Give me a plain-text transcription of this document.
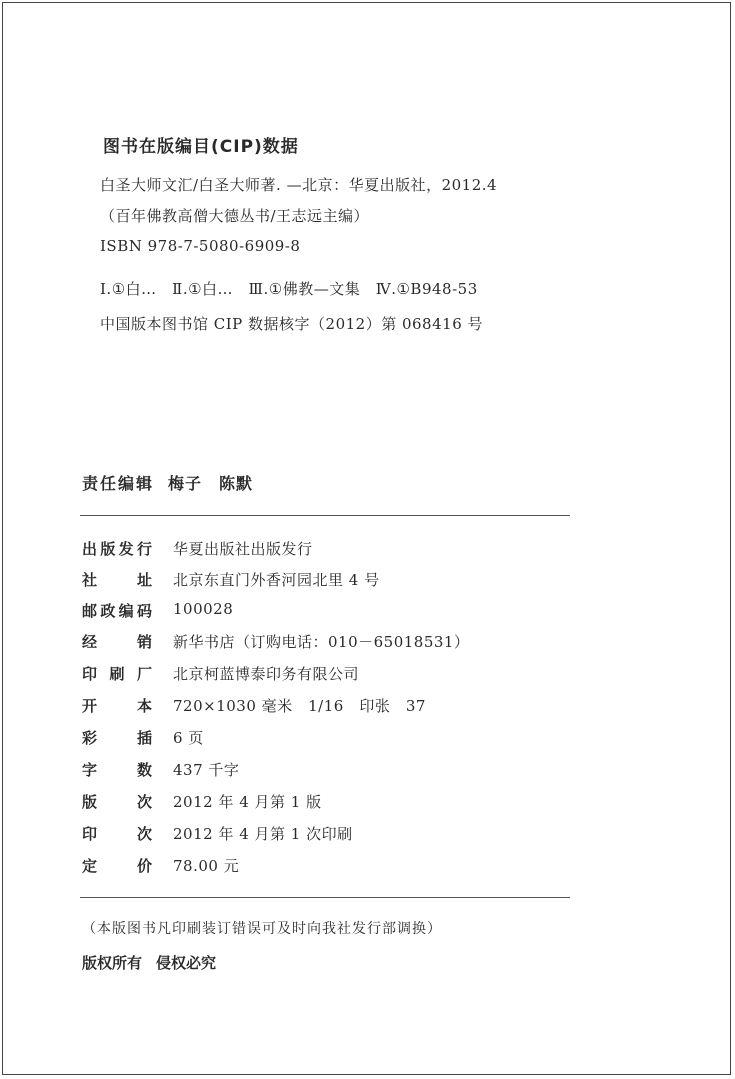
图书在版编目(CIP)数据
白圣大师文汇/白圣大师著. —北京：华夏出版社，2012.4
（百年佛教高僧大德丛书/王志远主编）
ISBN 978-7-5080-6909-8
Ⅰ.①白…　Ⅱ.①白…　Ⅲ.①佛教—文集　Ⅳ.①B948-53
中国版本图书馆 CIP 数据核字（2012）第 068416 号
责任编辑 梅子　陈默
出 版 发 行 华夏出版社出版发行
社	址 北京东直门外香河园北里 4 号
邮 政 编 码 100028
经	销 新华书店（订购电话：010－65018531）
印 刷 厂 北京柯蓝博泰印务有限公司
开	本 720×1030 毫米　1/16　印张　37
彩	插 6 页
字	数 437 千字
版	次 2012 年 4 月第 1 版
印	次 2012 年 4 月第 1 次印刷
定	价 78.00 元
（本版图书凡印刷装订错误可及时向我社发行部调换）
版权所有 侵权必究
